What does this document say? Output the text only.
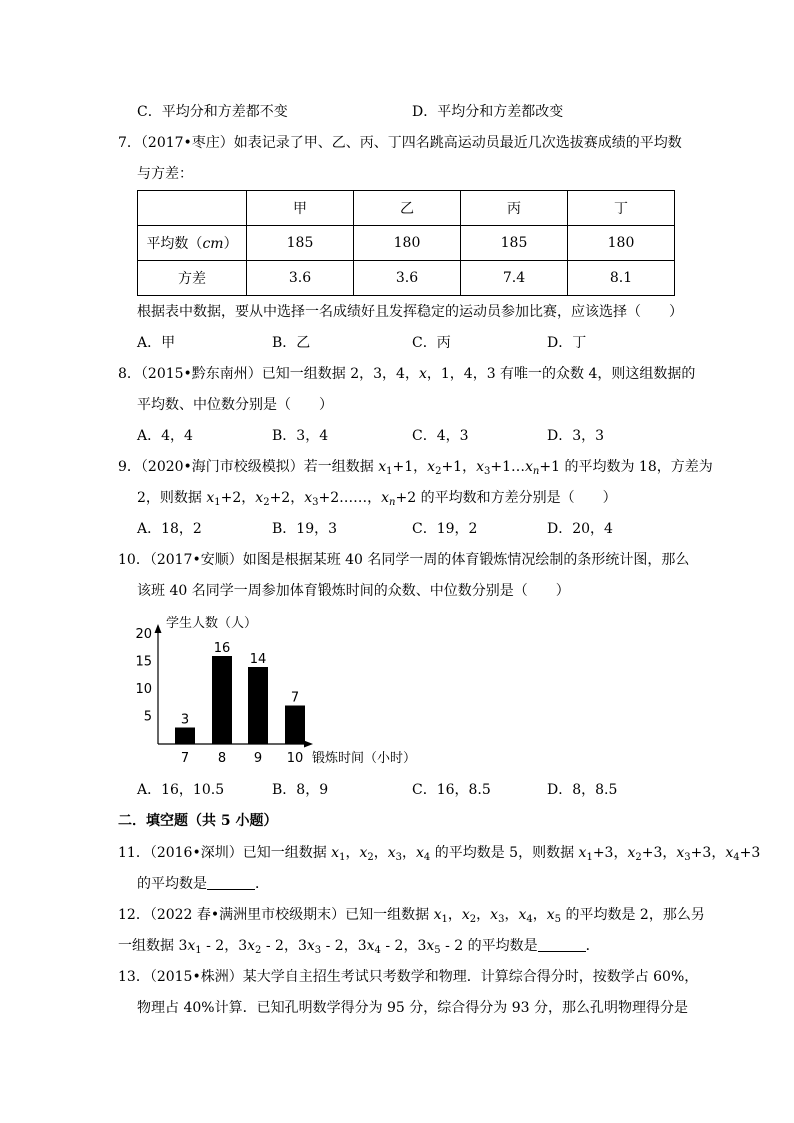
C．平均分和方差都不变	D．平均分和方差都改变
7．（2017•枣庄）如表记录了甲、乙、丙、丁四名跳高运动员最近几次选拔赛成绩的平均数
与方差：
	甲	乙	丙	丁
平均数（cm）	185	180	185	180
方差	3.6	3.6	7.4	8.1
根据表中数据，要从中选择一名成绩好且发挥稳定的运动员参加比赛，应该选择（　　）
A．甲	B．乙	C．丙	D．丁
8．（2015•黔东南州）已知一组数据 2，3，4，x，1，4，3 有唯一的众数 4，则这组数据的
平均数、中位数分别是（　　）
A．4，4	B．3，4	C．4，3	D．3，3
9．（2020•海门市校级模拟）若一组数据 $x_1+1$，$x_2+1$，$x_3+1\dots x_n+1$ 的平均数为 18，方差为
2，则数据 $x_1+2$，$x_2+2$，$x_3+2\dots\dots$，$x_n+2$ 的平均数和方差分别是（　　）
A．18，2	B．19，3	C．19，2	D．20，4
10．（2017•安顺）如图是根据某班 40 名同学一周的体育锻炼情况绘制的条形统计图，那么
该班 40 名同学一周参加体育锻炼时间的众数、中位数分别是（　　）
学生人数（人）
锻炼时间（小时）
5
10
15
20
3
7
16
8
14
9
7
10
A．16，10.5	B．8，9	C．16，8.5	D．8，8.5
二．填空题（共 5 小题）
11．（2016•深圳）已知一组数据 $x_1$，$x_2$，$x_3$，$x_4$ 的平均数是 5，则数据 $x_1+3$，$x_2+3$，$x_3+3$，$x_4+3$
的平均数是	．
12．（2022 春•满洲里市校级期末）已知一组数据 $x_1$，$x_2$，$x_3$，$x_4$，$x_5$ 的平均数是 2，那么另
一组数据 $3x_1 - 2$，$3x_2 - 2$，$3x_3 - 2$，$3x_4 - 2$，$3x_5 - 2$ 的平均数是	．
13．（2015•株洲）某大学自主招生考试只考数学和物理．计算综合得分时，按数学占 60%，
物理占 40%计算．已知孔明数学得分为 95 分，综合得分为 93 分，那么孔明物理得分是
